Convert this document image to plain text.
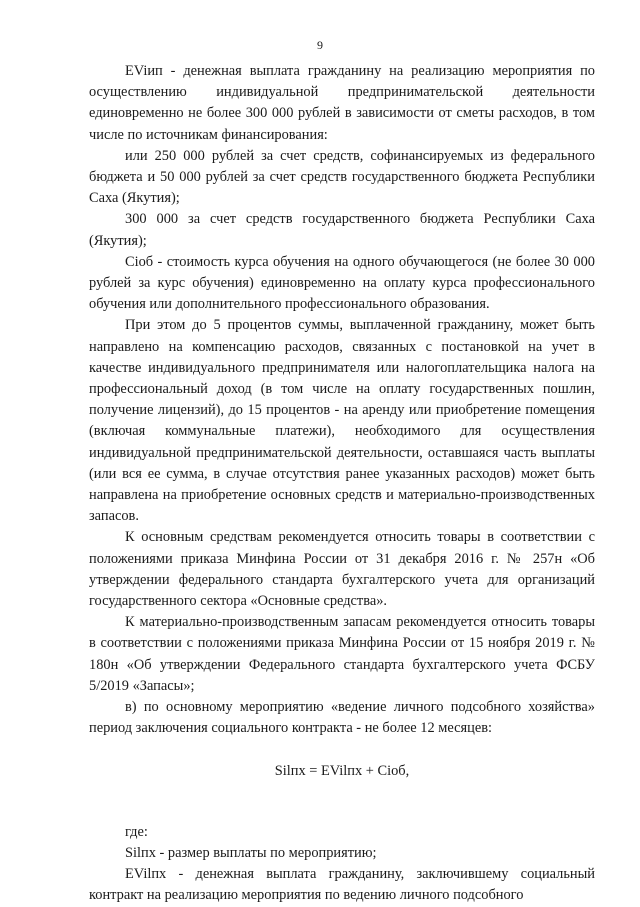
9

EViип - денежная выплата гражданину на реализацию мероприятия по осуществлению индивидуальной предпринимательской деятельности единовременно не более 300 000 рублей в зависимости от сметы расходов, в том числе по источникам финансирования:

или 250 000 рублей за счет средств, софинансируемых из федерального бюджета и 50 000 рублей за счет средств государственного бюджета Республики Саха (Якутия);

300 000 за счет средств государственного бюджета Республики Саха (Якутия);

Сioб - стоимость курса обучения на одного обучающегося (не более 30 000 рублей за курс обучения) единовременно на оплату курса профессионального обучения или дополнительного профессионального образования.

При этом до 5 процентов суммы, выплаченной гражданину, может быть направлено на компенсацию расходов, связанных с постановкой на учет в качестве индивидуального предпринимателя или налогоплательщика налога на профессиональный доход (в том числе на оплату государственных пошлин, получение лицензий), до 15 процентов - на аренду или приобретение помещения (включая коммунальные платежи), необходимого для осуществления индивидуальной предпринимательской деятельности, оставшаяся часть выплаты (или вся ее сумма, в случае отсутствия ранее указанных расходов) может быть направлена на приобретение основных средств и материально-производственных запасов.

К основным средствам рекомендуется относить товары в соответствии с положениями приказа Минфина России от 31 декабря 2016 г. № 257н «Об утверждении федерального стандарта бухгалтерского учета для организаций государственного сектора «Основные средства».

К материально-производственным запасам рекомендуется относить товары в соответствии с положениями приказа Минфина России от 15 ноября 2019 г. № 180н «Об утверждении Федерального стандарта бухгалтерского учета ФСБУ 5/2019 «Запасы»;

в) по основному мероприятию «ведение личного подсобного хозяйства» период заключения социального контракта - не более 12 месяцев:

Silпх = EVilпх + Ciоб,

где:

Silпх - размер выплаты по мероприятию;

EVilпх - денежная выплата гражданину, заключившему социальный контракт на реализацию мероприятия по ведению личного подсобного
